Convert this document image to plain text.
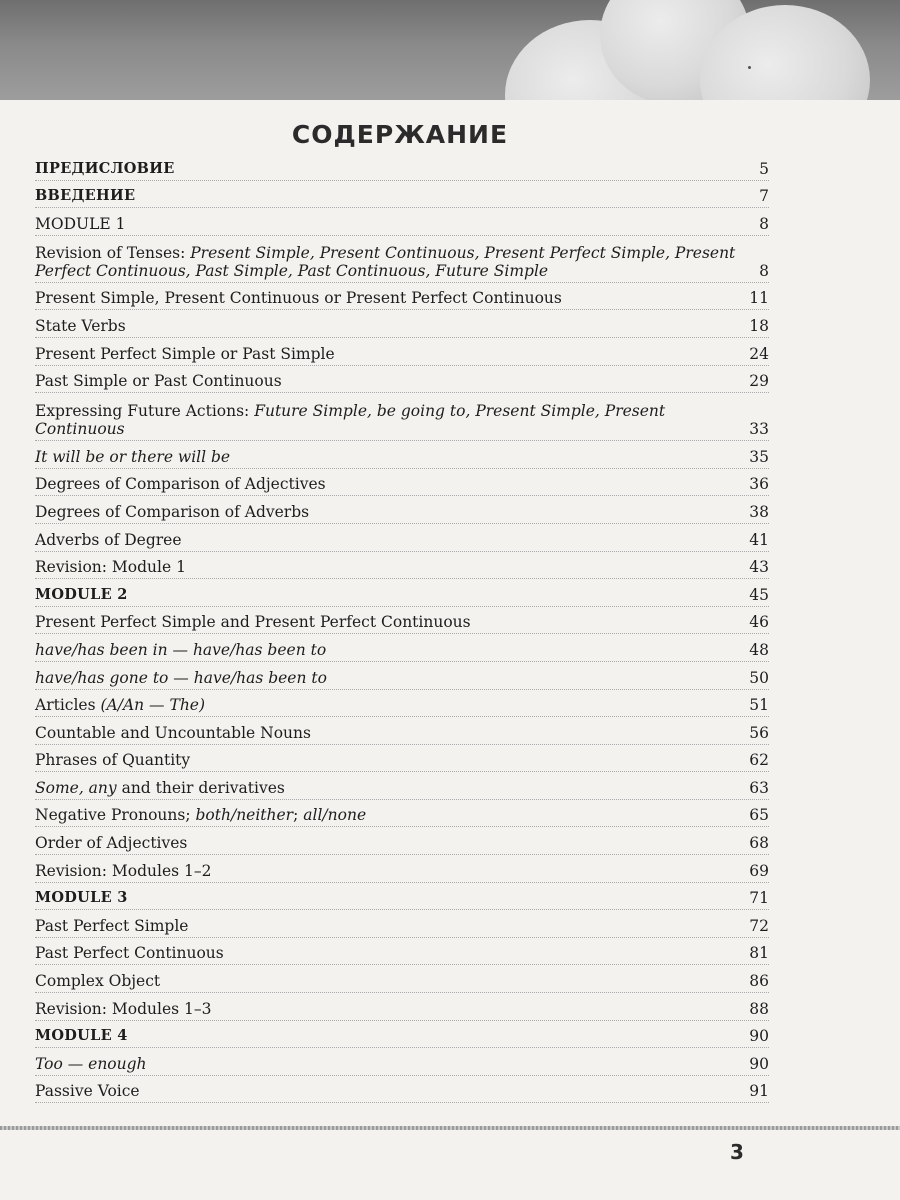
СОДЕРЖАНИЕ
ПРЕДИСЛОВИЕ	5
ВВЕДЕНИЕ	7
MODULE 1	8
Revision of Tenses: Present Simple, Present Continuous, Present Perfect Simple, Present Perfect Continuous, Past Simple, Past Continuous, Future Simple	8
Present Simple, Present Continuous or Present Perfect Continuous	11
State Verbs	18
Present Perfect Simple or Past Simple	24
Past Simple or Past Continuous	29
Expressing Future Actions: Future Simple, be going to, Present Simple, Present Continuous	33
It will be or there will be	35
Degrees of Comparison of Adjectives	36
Degrees of Comparison of Adverbs	38
Adverbs of Degree	41
Revision: Module 1	43
MODULE 2	45
Present Perfect Simple and Present Perfect Continuous	46
have/has been in — have/has been to	48
have/has gone to — have/has been to	50
Articles (A/An — The)	51
Countable and Uncountable Nouns	56
Phrases of Quantity	62
Some, any and their derivatives	63
Negative Pronouns; both/neither; all/none	65
Order of Adjectives	68
Revision: Modules 1–2	69
MODULE 3	71
Past Perfect Simple	72
Past Perfect Continuous	81
Complex Object	86
Revision: Modules 1–3	88
MODULE 4	90
Too — enough	90
Passive Voice	91
3
